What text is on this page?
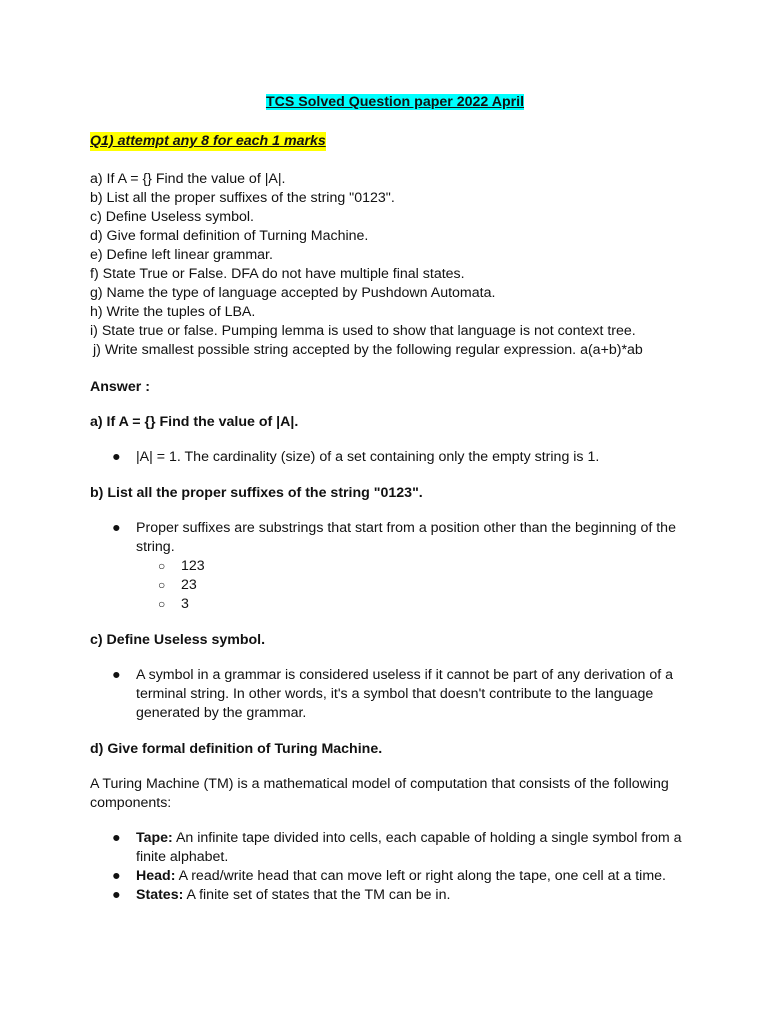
TCS Solved Question paper 2022 April
Q1) attempt any 8 for each 1 marks
a) If A = {} Find the value of |A|.
b) List all the proper suffixes of the string "0123".
c) Define Useless symbol.
d) Give formal definition of Turning Machine.
e) Define left linear grammar.
f) State True or False. DFA do not have multiple final states.
g) Name the type of language accepted by Pushdown Automata.
h) Write the tuples of LBA.
i) State true or false. Pumping lemma is used to show that language is not context tree.
j) Write smallest possible string accepted by the following regular expression. a(a+b)*ab
Answer :
a) If A = {} Find the value of |A|.
● |A| = 1. The cardinality (size) of a set containing only the empty string is 1.
b) List all the proper suffixes of the string "0123".
● Proper suffixes are substrings that start from a position other than the beginning of the
string.
○ 123
○ 23
○ 3
c) Define Useless symbol.
● A symbol in a grammar is considered useless if it cannot be part of any derivation of a
terminal string. In other words, it's a symbol that doesn't contribute to the language
generated by the grammar.
d) Give formal definition of Turing Machine.
A Turing Machine (TM) is a mathematical model of computation that consists of the following
components:
● Tape: An infinite tape divided into cells, each capable of holding a single symbol from a
finite alphabet.
● Head: A read/write head that can move left or right along the tape, one cell at a time.
● States: A finite set of states that the TM can be in.
